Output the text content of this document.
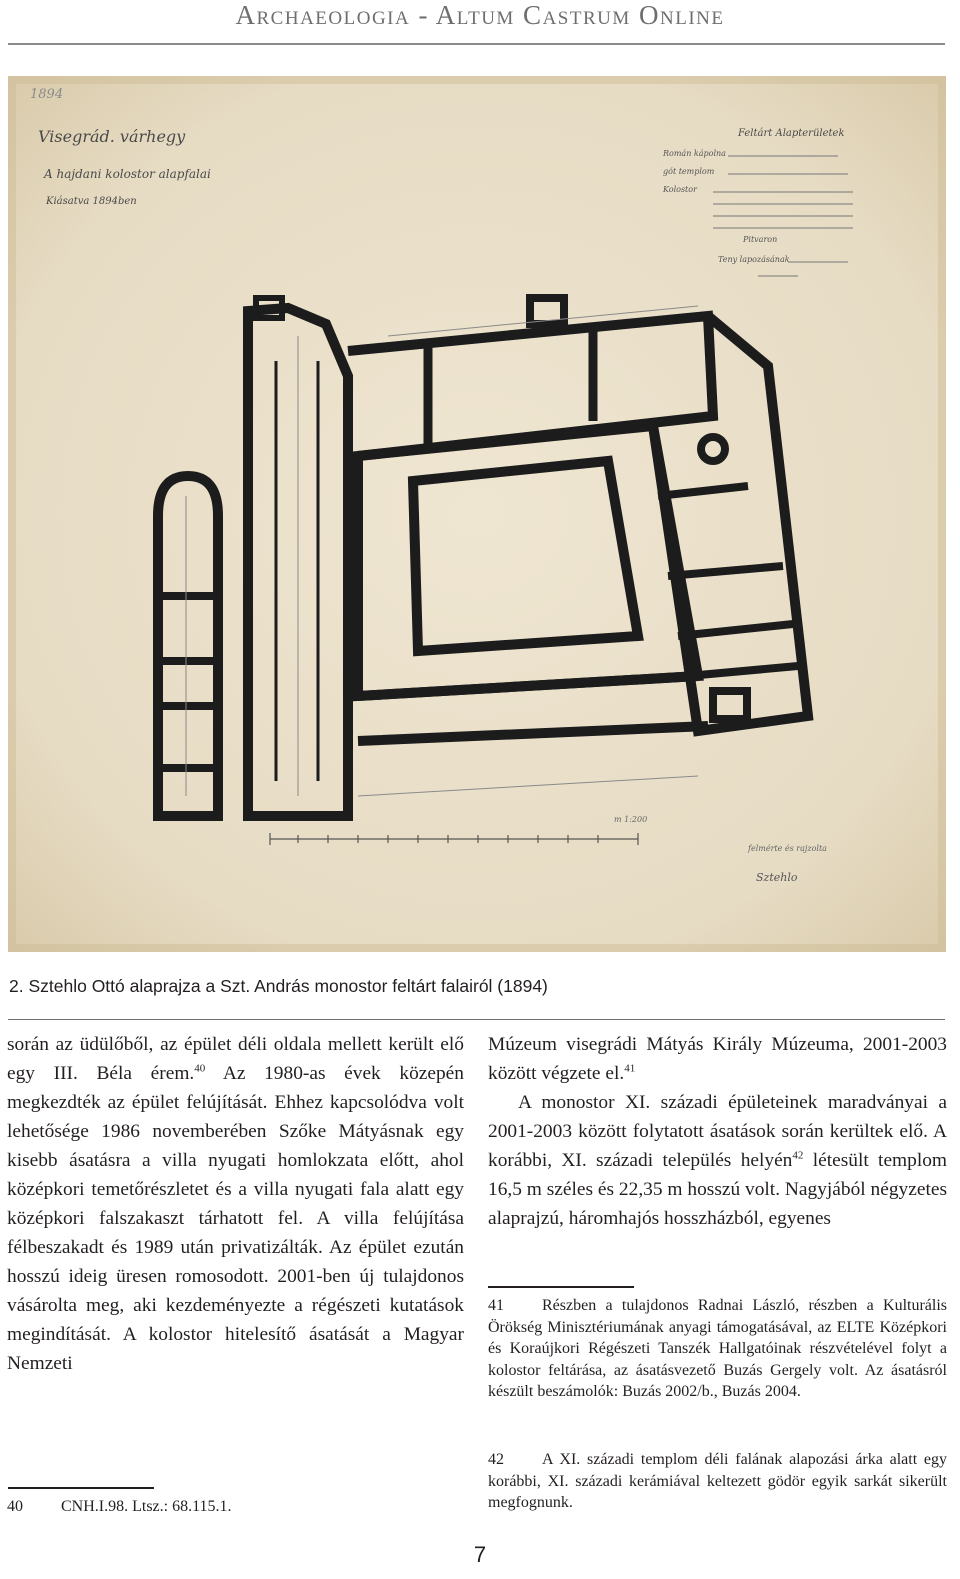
Archaeologia - Altum Castrum Online
1894
Visegrád. várhegy
A hajdani kolostor alapfalai
Kiásatva 1894ben
Feltárt Alapterületek
Román kápolna
gót templom
Kolostor
Pitvaron
Teny lapozásának
m 1:200
felmérte és rajzolta
Sztehlo
2. Sztehlo Ottó alaprajza a Szt. András monostor feltárt falairól (1894)

során az üdülőből, az épület déli oldala mellett került elő egy III. Béla érem.$^{40}$ Az 1980-as évek közepén megkezdték az épület felújítását. Ehhez kapcsolódva volt lehetősége 1986 novemberében Szőke Mátyásnak egy kisebb ásatásra a villa nyugati homlokzata előtt, ahol középkori temetőrészletet és a villa nyugati fala alatt egy középkori falszakaszt tárhatott fel. A villa felújítása félbeszakadt és 1989 után privatizálták. Az épület ezután hosszú ideig üresen romosodott. 2001-ben új tulajdonos vásárolta meg, aki kezdeményezte a régészeti kutatások megindítását. A kolostor hitelesítő ásatását a Magyar Nemzeti

Múzeum visegrádi Mátyás Király Múzeuma, 2001-2003 között végzete el.$^{41}$

A monostor XI. századi épületeinek maradványai a 2001-2003 között folytatott ásatások során kerültek elő. A korábbi, XI. századi település helyén$^{42}$ létesült templom 16,5 m széles és 22,35 m hosszú volt. Nagyjából négyzetes alaprajzú, háromhajós hosszházból, egyenes

41 Részben a tulajdonos Radnai László, részben a Kulturális Örökség Minisztériumának anyagi támogatásával, az ELTE Középkori és Koraújkori Régészeti Tanszék Hallgatóinak részvételével folyt a kolostor feltárása, az ásatásvezető Buzás Gergely volt. Az ásatásról készült beszámolók: Buzás 2002/b., Buzás 2004.
42 A XI. századi templom déli falának alapozási árka alatt egy korábbi, XI. századi kerámiával keltezett gödör egyik sarkát sikerült megfognunk.
40 CNH.I.98. Ltsz.: 68.115.1.
7
